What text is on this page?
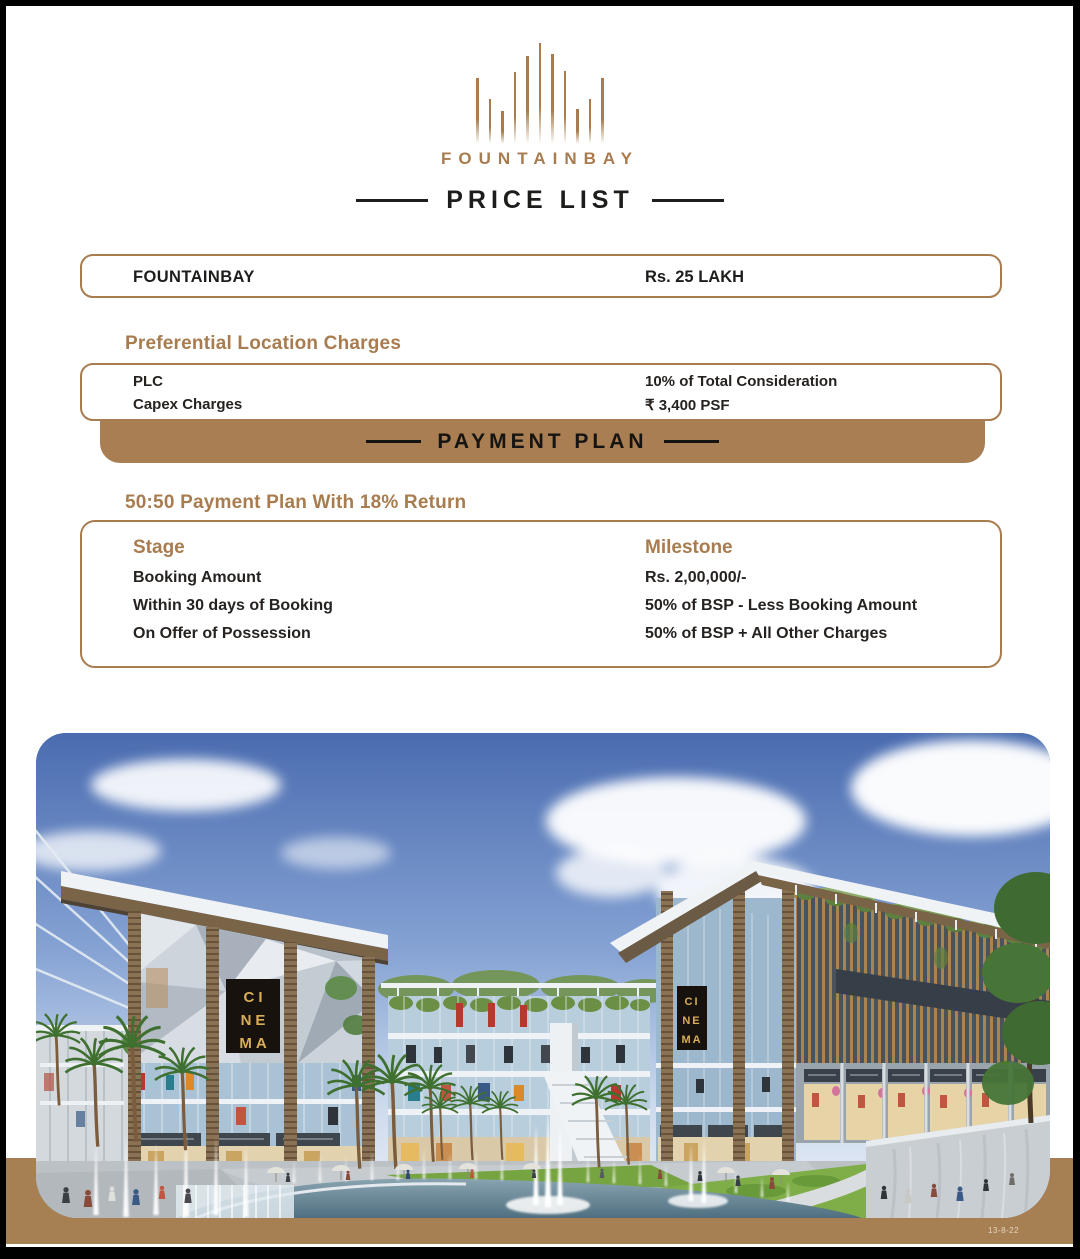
FOUNTAINBAY
PRICE LIST
FOUNTAINBAY	Rs. 25 LAKH
Preferential Location Charges
PLC	10% of Total Consideration
Capex Charges	₹ 3,400 PSF
PAYMENT PLAN
50:50 Payment Plan With 18% Return
Stage	Milestone
Booking Amount	Rs. 2,00,000/-
Within 30 days of Booking	50% of BSP - Less Booking Amount
On Offer of Possession	50% of BSP + All Other Charges
CI
NE
MA
CI
NE
MA
13-8-22
